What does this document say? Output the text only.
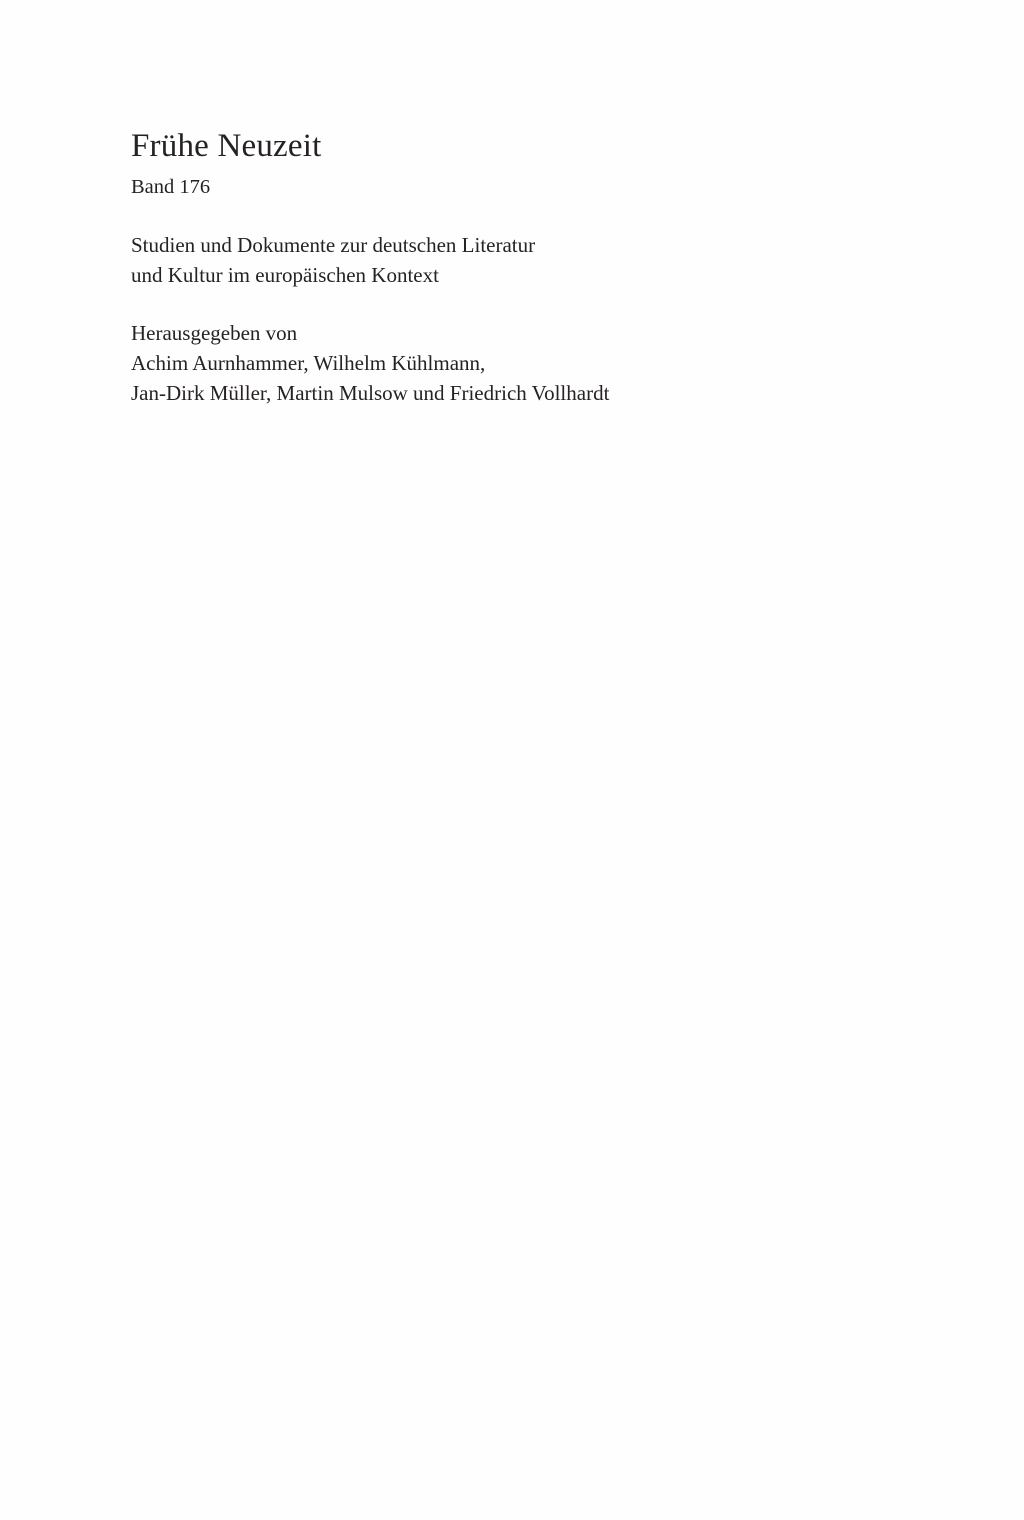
Frühe Neuzeit
Band 176
Studien und Dokumente zur deutschen Literatur
und Kultur im europäischen Kontext
Herausgegeben von
Achim Aurnhammer, Wilhelm Kühlmann,
Jan-Dirk Müller, Martin Mulsow und Friedrich Vollhardt
